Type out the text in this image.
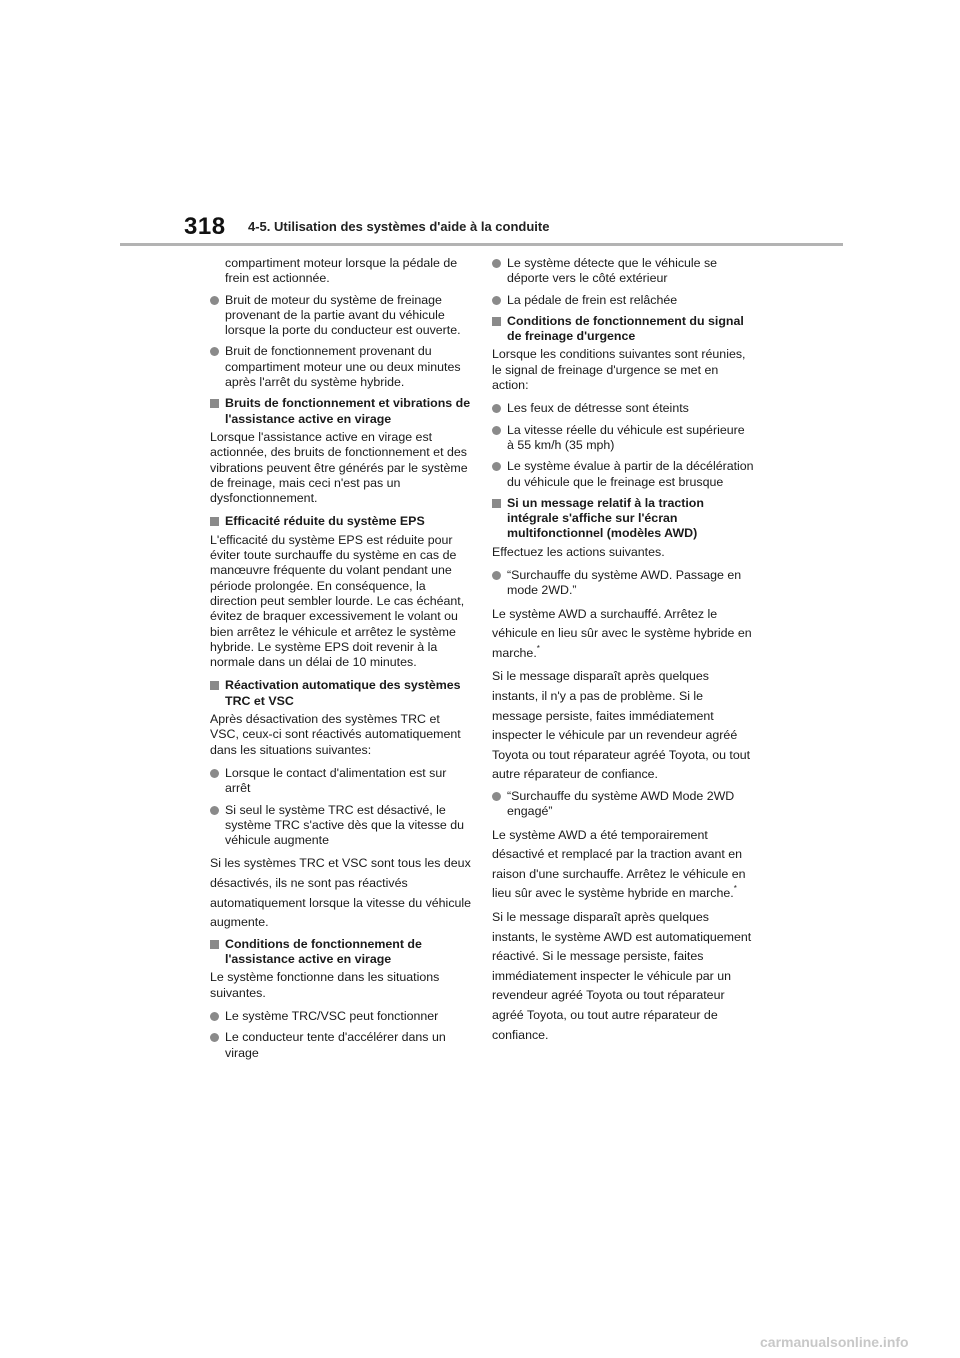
318 4-5. Utilisation des systèmes d'aide à la conduite

compartiment moteur lorsque la pédale de frein est actionnée.

Bruit de moteur du système de freinage provenant de la partie avant du véhicule lorsque la porte du conducteur est ouverte.

Bruit de fonctionnement provenant du compartiment moteur une ou deux minutes après l'arrêt du système hybride.

Bruits de fonctionnement et vibrations de l'assistance active en virage

Lorsque l'assistance active en virage est actionnée, des bruits de fonctionnement et des vibrations peuvent être générés par le système de freinage, mais ceci n'est pas un dysfonctionnement.

Efficacité réduite du système EPS

L'efficacité du système EPS est réduite pour éviter toute surchauffe du système en cas de manœuvre fréquente du volant pendant une période prolongée. En conséquence, la direction peut sembler lourde. Le cas échéant, évitez de braquer excessivement le volant ou bien arrêtez le véhicule et arrêtez le système hybride. Le système EPS doit revenir à la normale dans un délai de 10 minutes.

Réactivation automatique des systèmes TRC et VSC

Après désactivation des systèmes TRC et VSC, ceux-ci sont réactivés automatiquement dans les situations suivantes:

Lorsque le contact d'alimentation est sur arrêt

Si seul le système TRC est désactivé, le système TRC s'active dès que la vitesse du véhicule augmente

Si les systèmes TRC et VSC sont tous les deux désactivés, ils ne sont pas réactivés automatiquement lorsque la vitesse du véhicule augmente.

Conditions de fonctionnement de l'assistance active en virage

Le système fonctionne dans les situations suivantes.

Le système TRC/VSC peut fonctionner

Le conducteur tente d'accélérer dans un virage

Le système détecte que le véhicule se déporte vers le côté extérieur

La pédale de frein est relâchée

Conditions de fonctionnement du signal de freinage d'urgence

Lorsque les conditions suivantes sont réunies, le signal de freinage d'urgence se met en action:

Les feux de détresse sont éteints

La vitesse réelle du véhicule est supérieure à 55 km/h (35 mph)

Le système évalue à partir de la décélération du véhicule que le freinage est brusque

Si un message relatif à la traction intégrale s'affiche sur l'écran multifonctionnel (modèles AWD)

Effectuez les actions suivantes.

“Surchauffe du système AWD. Passage en mode 2WD.”

Le système AWD a surchauffé. Arrêtez le véhicule en lieu sûr avec le système hybride en marche.*

Si le message disparaît après quelques instants, il n'y a pas de problème. Si le message persiste, faites immédiatement inspecter le véhicule par un revendeur agréé Toyota ou tout réparateur agréé Toyota, ou tout autre réparateur de confiance.

“Surchauffe du système AWD Mode 2WD engagé”

Le système AWD a été temporairement désactivé et remplacé par la traction avant en raison d'une surchauffe. Arrêtez le véhicule en lieu sûr avec le système hybride en marche.*

Si le message disparaît après quelques instants, le système AWD est automatiquement réactivé. Si le message persiste, faites immédiatement inspecter le véhicule par un revendeur agréé Toyota ou tout réparateur agréé Toyota, ou tout autre réparateur de confiance.

carmanualsonline.info
